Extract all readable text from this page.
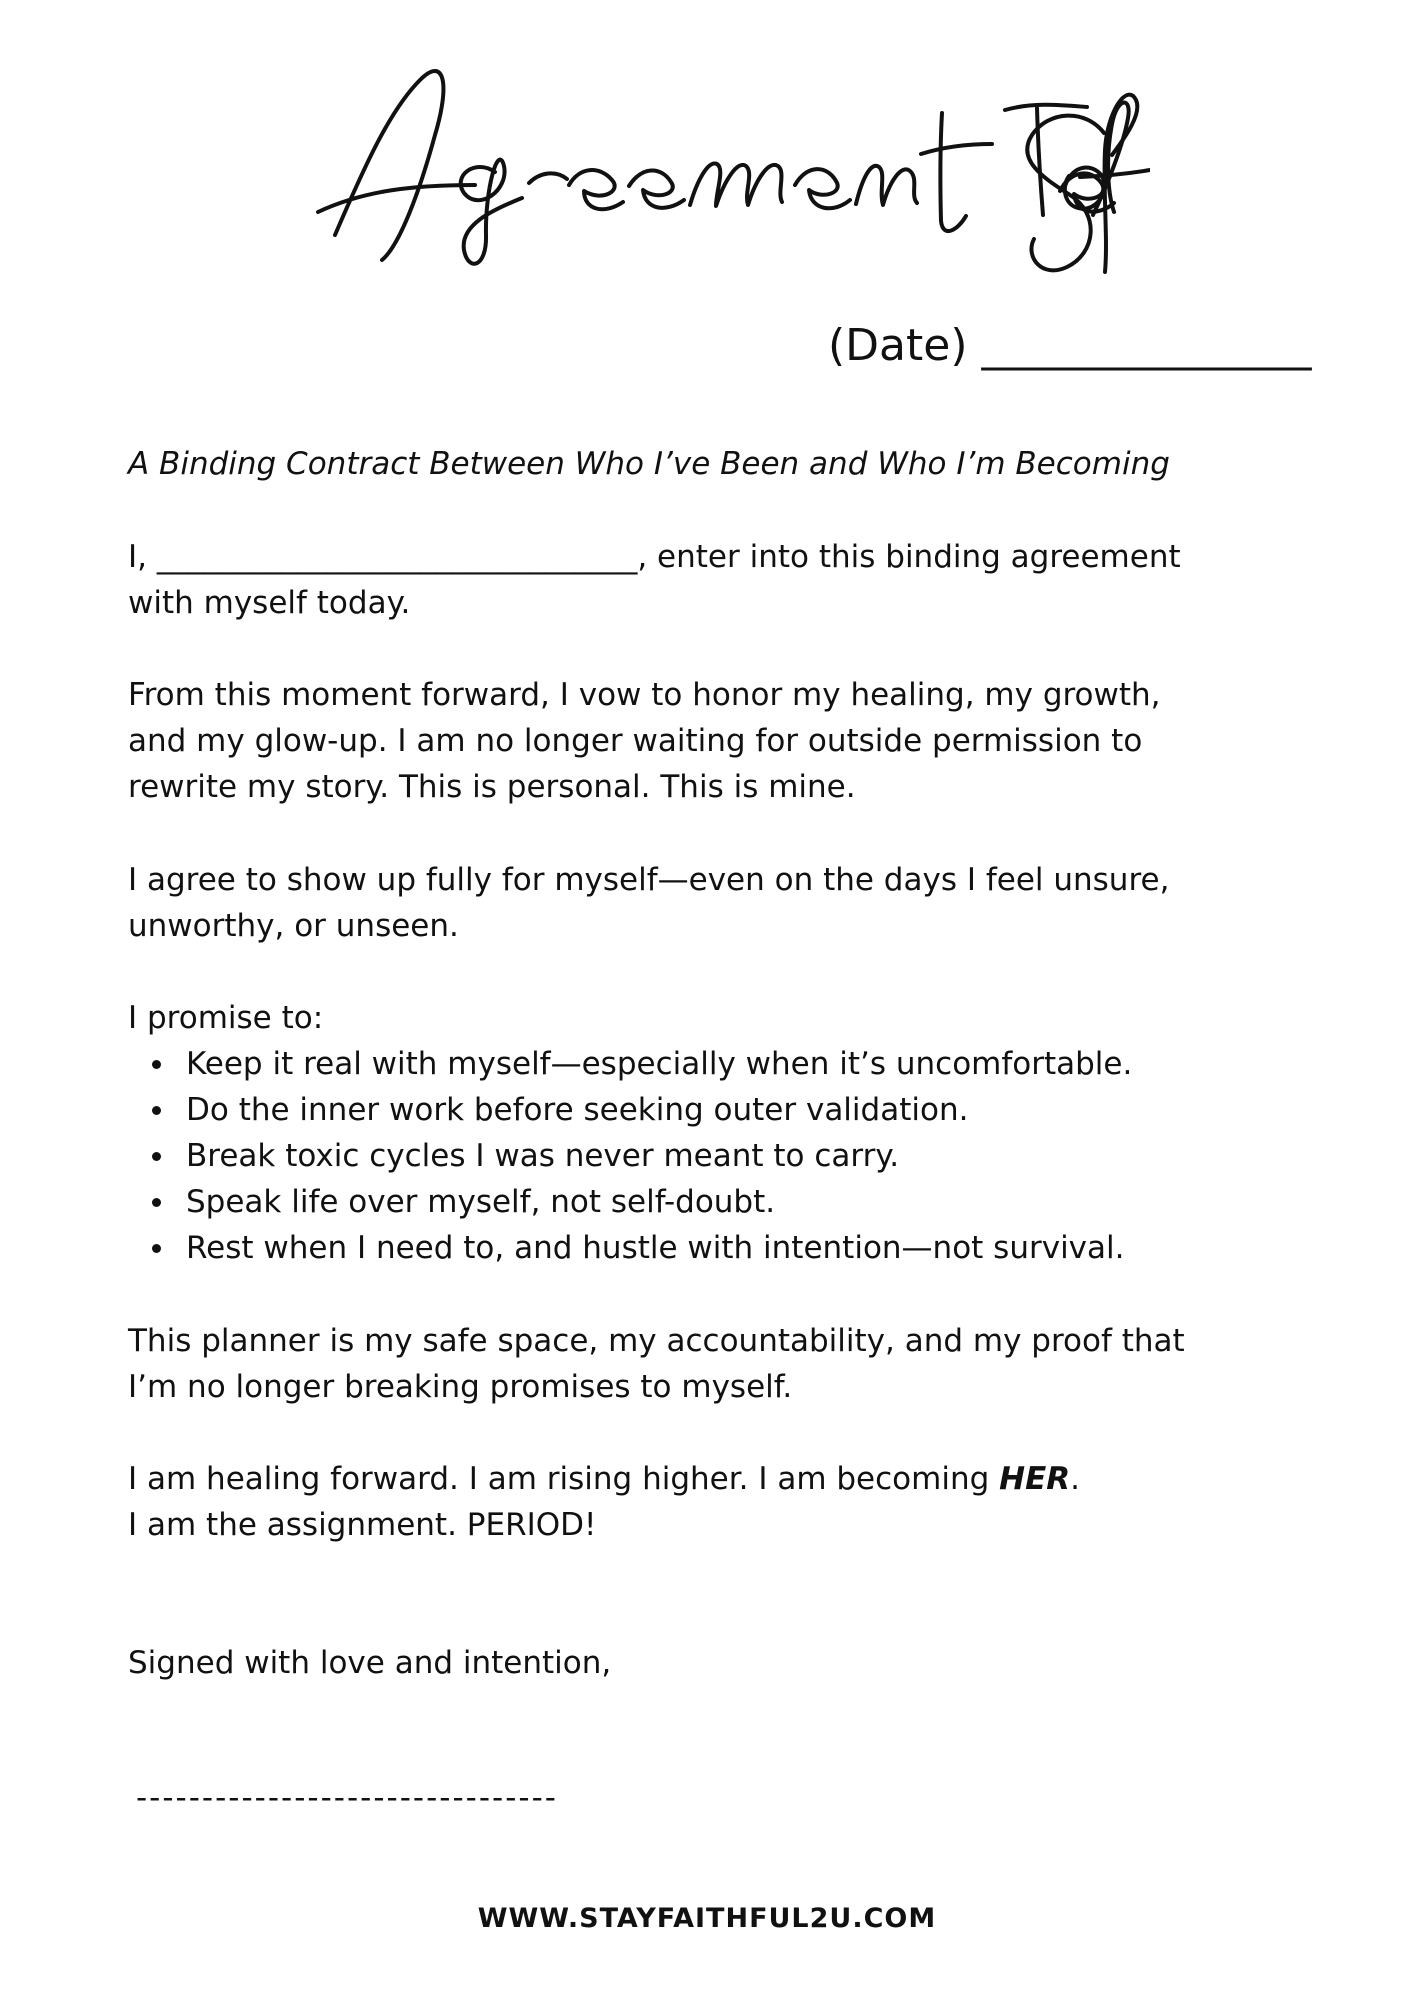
(Date) _______________
A Binding Contract Between Who I’ve Been and Who I’m Becoming
I, _______________________________, enter into this binding agreement
with myself today.
From this moment forward, I vow to honor my healing, my growth,
and my glow-up. I am no longer waiting for outside permission to
rewrite my story. This is personal. This is mine.
I agree to show up fully for myself—even on the days I feel unsure,
unworthy, or unseen.
I promise to:
Keep it real with myself—especially when it’s uncomfortable.
Do the inner work before seeking outer validation.
Break toxic cycles I was never meant to carry.
Speak life over myself, not self-doubt.
Rest when I need to, and hustle with intention—not survival.
This planner is my safe space, my accountability, and my proof that
I’m no longer breaking promises to myself.
I am healing forward. I am rising higher. I am becoming HER.
I am the assignment. PERIOD!
Signed with love and intention,
--------------------------------
WWW.STAYFAITHFUL2U.COM
